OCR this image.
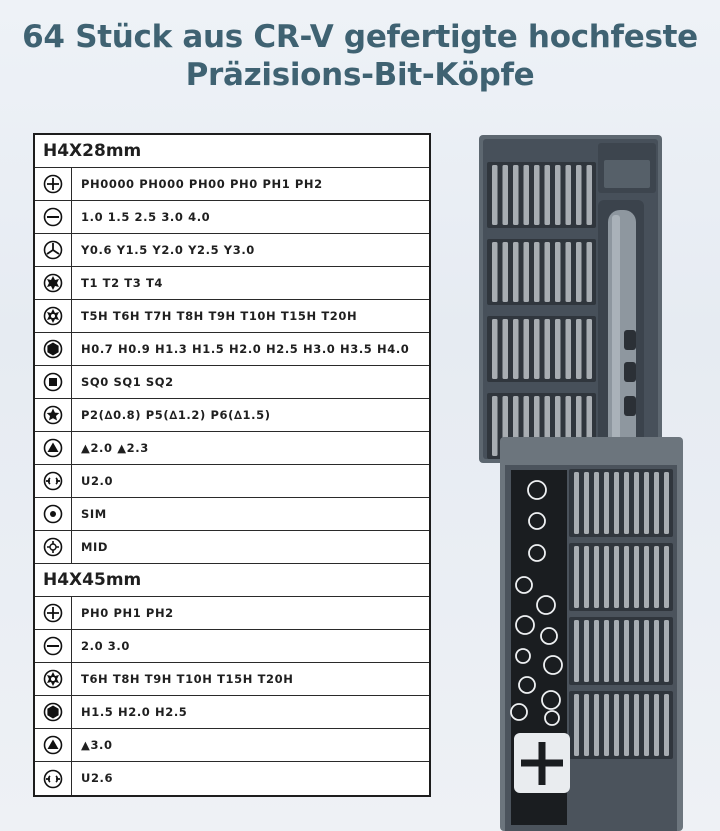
64 Stück aus CR-V gefertigte hochfeste
Präzisions-Bit-Köpfe
H4X28mm
PH0000 PH000 PH00 PH0 PH1 PH2
1.0 1.5 2.5 3.0 4.0
Y0.6 Y1.5 Y2.0 Y2.5 Y3.0
T1 T2 T3 T4
T5H T6H T7H T8H T9H T10H T15H T20H
H0.7 H0.9 H1.3 H1.5 H2.0 H2.5 H3.0 H3.5 H4.0
SQ0 SQ1 SQ2
P2(∆0.8) P5(∆1.2) P6(∆1.5)
▲2.0 ▲2.3
U2.0
SIM
MID
H4X45mm
PH0 PH1 PH2
2.0 3.0
T6H T8H T9H T10H T15H T20H
H1.5 H2.0 H2.5
▲3.0
U2.6
